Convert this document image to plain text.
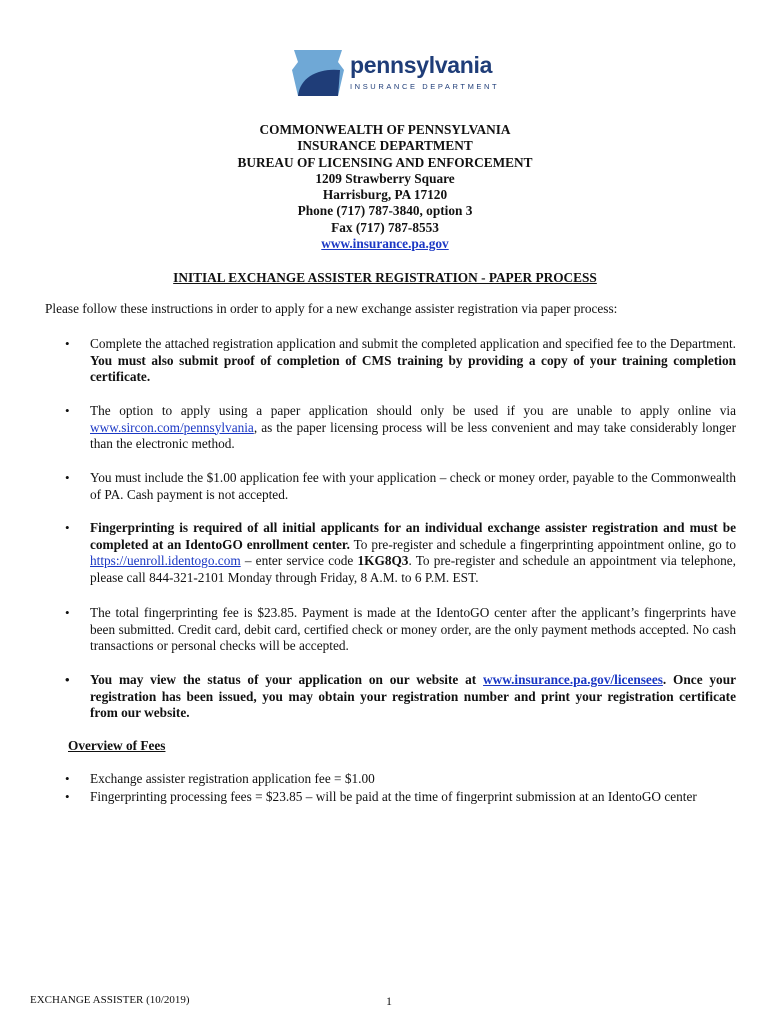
pennsylvania
INSURANCE DEPARTMENT
COMMONWEALTH OF PENNSYLVANIA
INSURANCE DEPARTMENT
BUREAU OF LICENSING AND ENFORCEMENT
1209 Strawberry Square
Harrisburg, PA 17120
Phone (717) 787-3840, option 3
Fax (717) 787-8553
www.insurance.pa.gov
INITIAL EXCHANGE ASSISTER REGISTRATION - PAPER PROCESS
Please follow these instructions in order to apply for a new exchange assister registration via paper process:
• Complete the attached registration application and submit the completed application and specified fee to the Department. You must also submit proof of completion of CMS training by providing a copy of your training completion certificate.
• The option to apply using a paper application should only be used if you are unable to apply online via www.sircon.com/pennsylvania, as the paper licensing process will be less convenient and may take considerably longer than the electronic method.
• You must include the $1.00 application fee with your application – check or money order, payable to the Commonwealth of PA. Cash payment is not accepted.
• Fingerprinting is required of all initial applicants for an individual exchange assister registration and must be completed at an IdentoGO enrollment center. To pre-register and schedule a fingerprinting appointment online, go to https://uenroll.identogo.com – enter service code 1KG8Q3. To pre-register and schedule an appointment via telephone, please call 844-321-2101 Monday through Friday, 8 A.M. to 6 P.M. EST.
• The total fingerprinting fee is $23.85. Payment is made at the IdentoGO center after the applicant’s fingerprints have been submitted. Credit card, debit card, certified check or money order, are the only payment methods accepted. No cash transactions or personal checks will be accepted.
• You may view the status of your application on our website at www.insurance.pa.gov/licensees. Once your registration has been issued, you may obtain your registration number and print your registration certificate from our website.
Overview of Fees
• Exchange assister registration application fee = $1.00
• Fingerprinting processing fees = $23.85 – will be paid at the time of fingerprint submission at an IdentoGO center
EXCHANGE ASSISTER (10/2019)	1
